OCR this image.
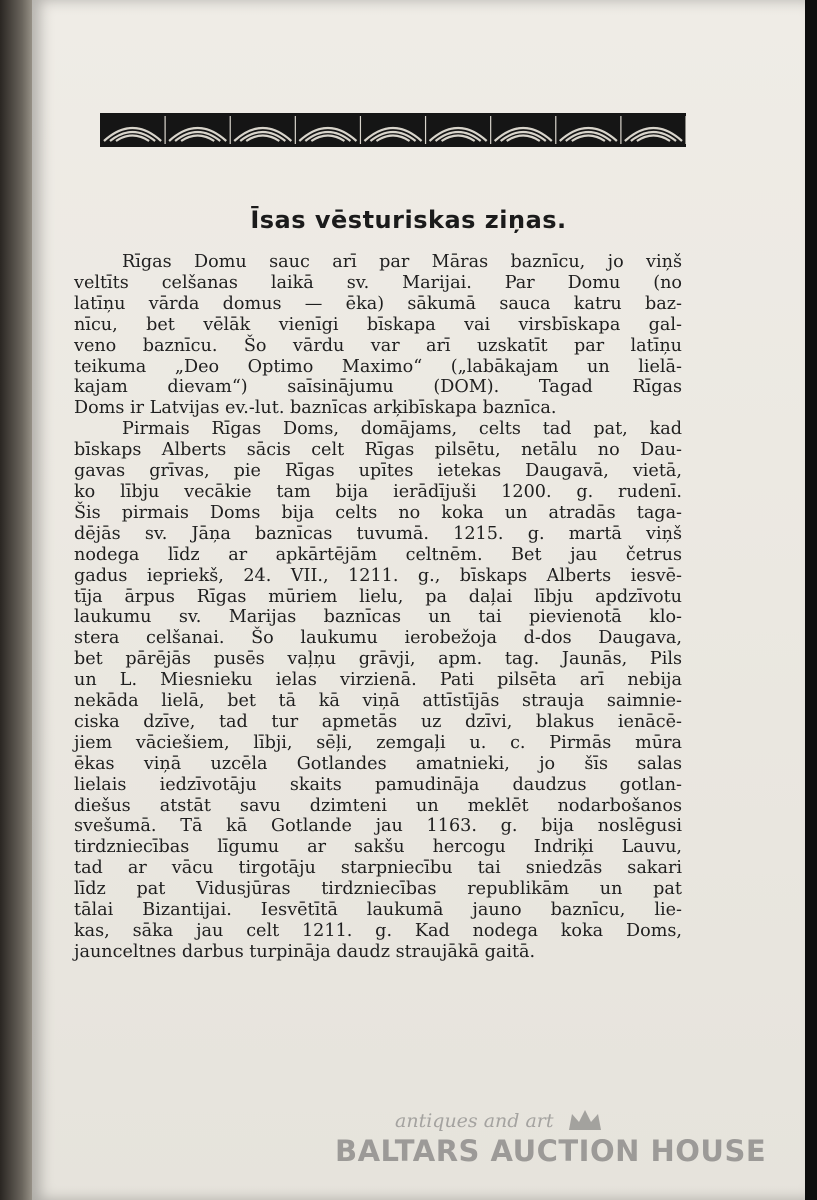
Īsas vēsturiskas ziņas.
Rīgas Domu sauc arī par Māras baznīcu, jo viņš
veltīts celšanas laikā sv. Marijai. Par Domu (no
latīņu vārda domus — ēka) sākumā sauca katru baz-
nīcu, bet vēlāk vienīgi bīskapa vai virsbīskapa gal-
veno baznīcu. Šo vārdu var arī uzskatīt par latīņu
teikuma „Deo Optimo Maximo“ („labākajam un lielā-
kajam dievam“) saīsinājumu (DOM). Tagad Rīgas
Doms ir Latvijas ev.-lut. baznīcas arķibīskapa baznīca.
Pirmais Rīgas Doms, domājams, celts tad pat, kad
bīskaps Alberts sācis celt Rīgas pilsētu, netālu no Dau-
gavas grīvas, pie Rīgas upītes ietekas Daugavā, vietā,
ko lībju vecākie tam bija ierādījuši 1200. g. rudenī.
Šis pirmais Doms bija celts no koka un atradās taga-
dējās sv. Jāņa baznīcas tuvumā. 1215. g. martā viņš
nodega līdz ar apkārtējām celtnēm. Bet jau četrus
gadus iepriekš, 24. VII., 1211. g., bīskaps Alberts iesvē-
tīja ārpus Rīgas mūriem lielu, pa daļai lībju apdzīvotu
laukumu sv. Marijas baznīcas un tai pievienotā klo-
stera celšanai. Šo laukumu ierobežoja d-dos Daugava,
bet pārējās pusēs vaļņu grāvji, apm. tag. Jaunās, Pils
un L. Miesnieku ielas virzienā. Pati pilsēta arī nebija
nekāda lielā, bet tā kā viņā attīstījās strauja saimnie-
ciska dzīve, tad tur apmetās uz dzīvi, blakus ienācē-
jiem vāciešiem, lībji, sēļi, zemgaļi u. c. Pirmās mūra
ēkas viņā uzcēla Gotlandes amatnieki, jo šīs salas
lielais iedzīvotāju skaits pamudināja daudzus gotlan-
diešus atstāt savu dzimteni un meklēt nodarbošanos
svešumā. Tā kā Gotlande jau 1163. g. bija noslēgusi
tirdzniecības līgumu ar sakšu hercogu Indriķi Lauvu,
tad ar vācu tirgotāju starpniecību tai sniedzās sakari
līdz pat Vidusjūras tirdzniecības republikām un pat
tālai Bizantijai. Iesvētītā laukumā jauno baznīcu, lie-
kas, sāka jau celt 1211. g. Kad nodega koka Doms,
jaunceltnes darbus turpināja daudz straujākā gaitā.
antiques and art
BALTARS AUCTION HOUSE
